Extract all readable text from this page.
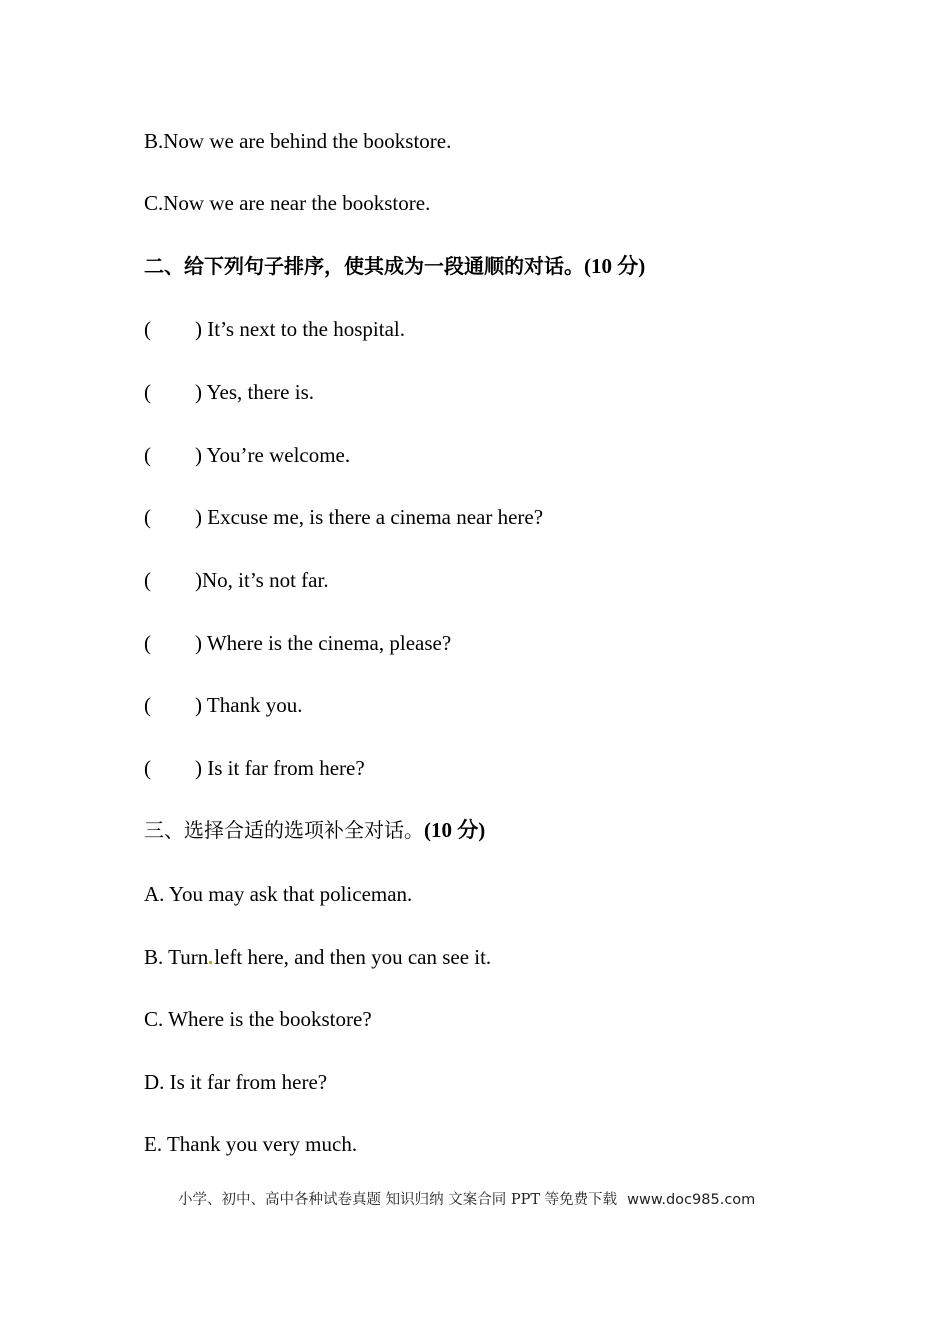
B.Now we are behind the bookstore.
C.Now we are near the bookstore.
二、给下列句子排序，使其成为一段通顺的对话。(10 分)
( ) It’s next to the hospital.
( ) Yes, there is.
( ) You’re welcome.
( ) Excuse me, is there a cinema near here?
( )No, it’s not far.
( ) Where is the cinema, please?
( ) Thank you.
( ) Is it far from here?
三、选择合适的选项补全对话。(10 分)
A. You may ask that policeman.
B. Turn left here, and then you can see it.
C. Where is the bookstore?
D. Is it far from here?
E. Thank you very much.
小学、初中、高中各种试卷真题 知识归纳 文案合同 PPT 等免费下载 www.doc985.com
